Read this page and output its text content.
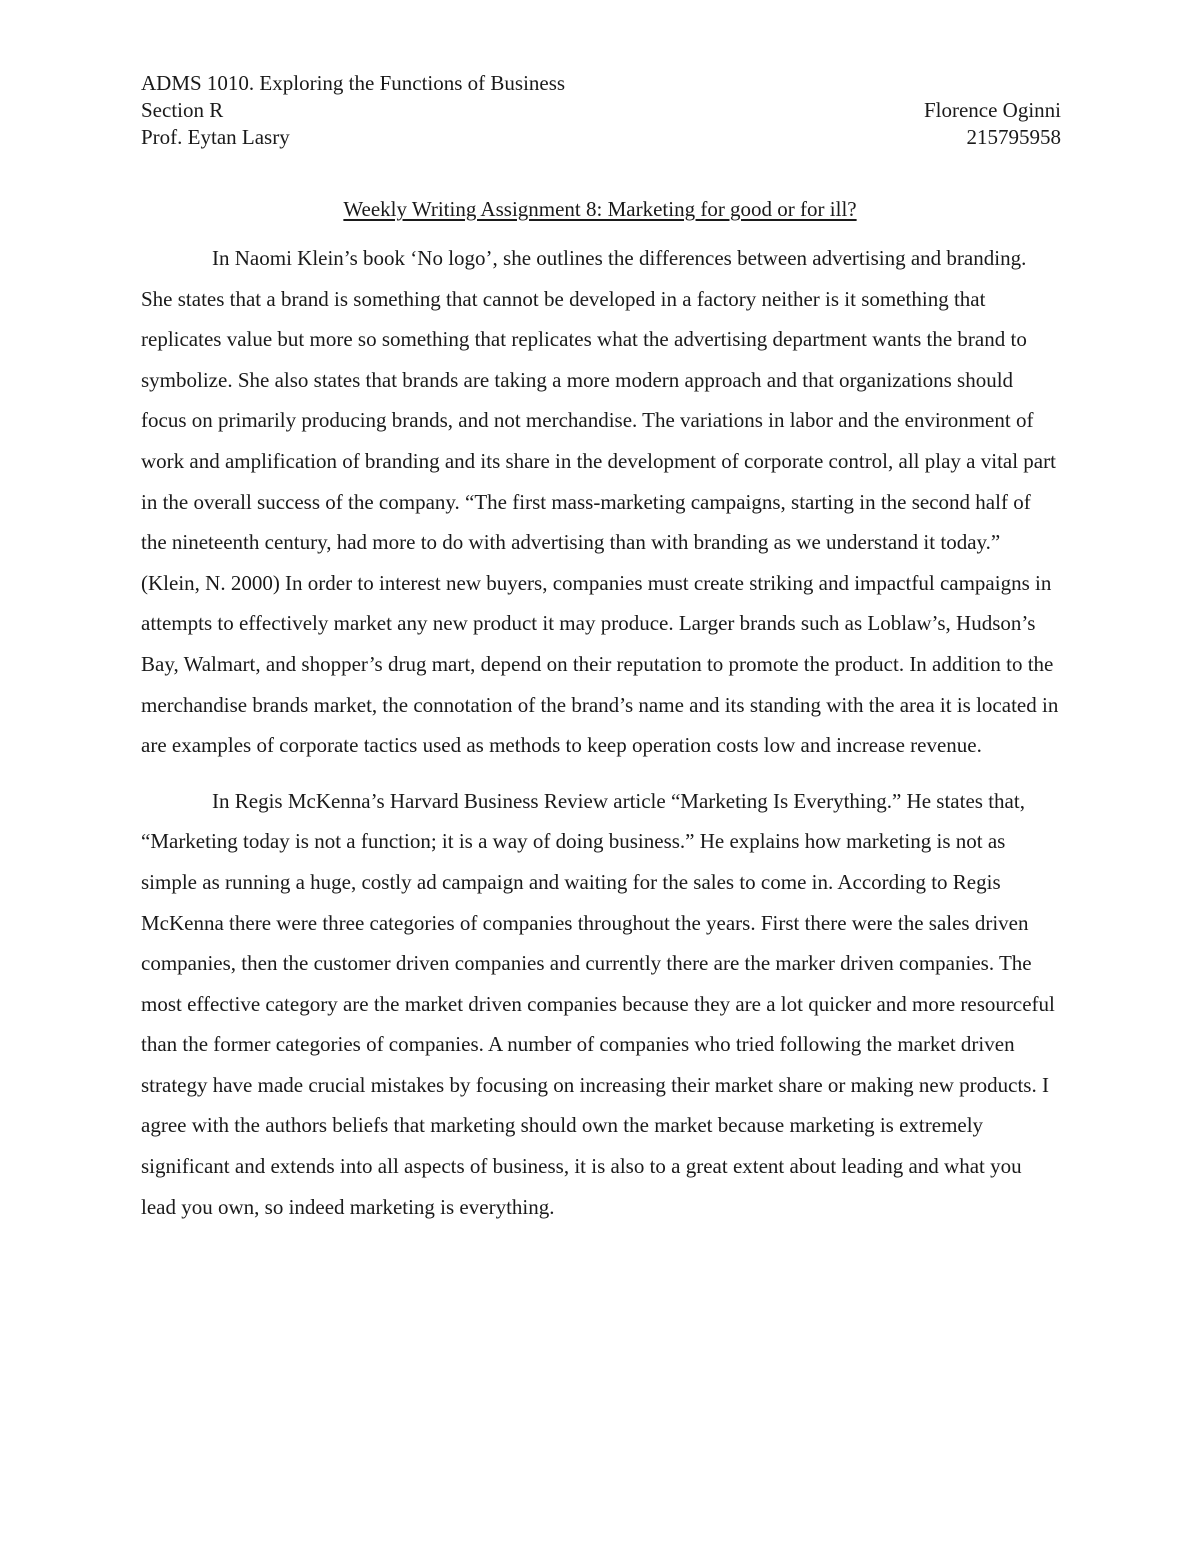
ADMS 1010. Exploring the Functions of Business
Section R	Florence Oginni
Prof. Eytan Lasry	215795958
Weekly Writing Assignment 8: Marketing for good or for ill?

In Naomi Klein’s book ‘No logo’, she outlines the differences between advertising and branding. She states that a brand is something that cannot be developed in a factory neither is it something that replicates value but more so something that replicates what the advertising department wants the brand to symbolize. She also states that brands are taking a more modern approach and that organizations should focus on primarily producing brands, and not merchandise. The variations in labor and the environment of work and amplification of branding and its share in the development of corporate control, all play a vital part in the overall success of the company. “The first mass-marketing campaigns, starting in the second half of the nineteenth century, had more to do with advertising than with branding as we understand it today.” (Klein, N. 2000) In order to interest new buyers, companies must create striking and impactful campaigns in attempts to effectively market any new product it may produce. Larger brands such as Loblaw’s, Hudson’s Bay, Walmart, and shopper’s drug mart, depend on their reputation to promote the product. In addition to the merchandise brands market, the connotation of the brand’s name and its standing with the area it is located in are examples of corporate tactics used as methods to keep operation costs low and increase revenue.

In Regis McKenna’s Harvard Business Review article “Marketing Is Everything.” He states that, “Marketing today is not a function; it is a way of doing business.” He explains how marketing is not as simple as running a huge, costly ad campaign and waiting for the sales to come in. According to Regis McKenna there were three categories of companies throughout the years. First there were the sales driven companies, then the customer driven companies and currently there are the marker driven companies. The most effective category are the market driven companies because they are a lot quicker and more resourceful than the former categories of companies. A number of companies who tried following the market driven strategy have made crucial mistakes by focusing on increasing their market share or making new products. I agree with the authors beliefs that marketing should own the market because marketing is extremely significant and extends into all aspects of business, it is also to a great extent about leading and what you lead you own, so indeed marketing is everything.
